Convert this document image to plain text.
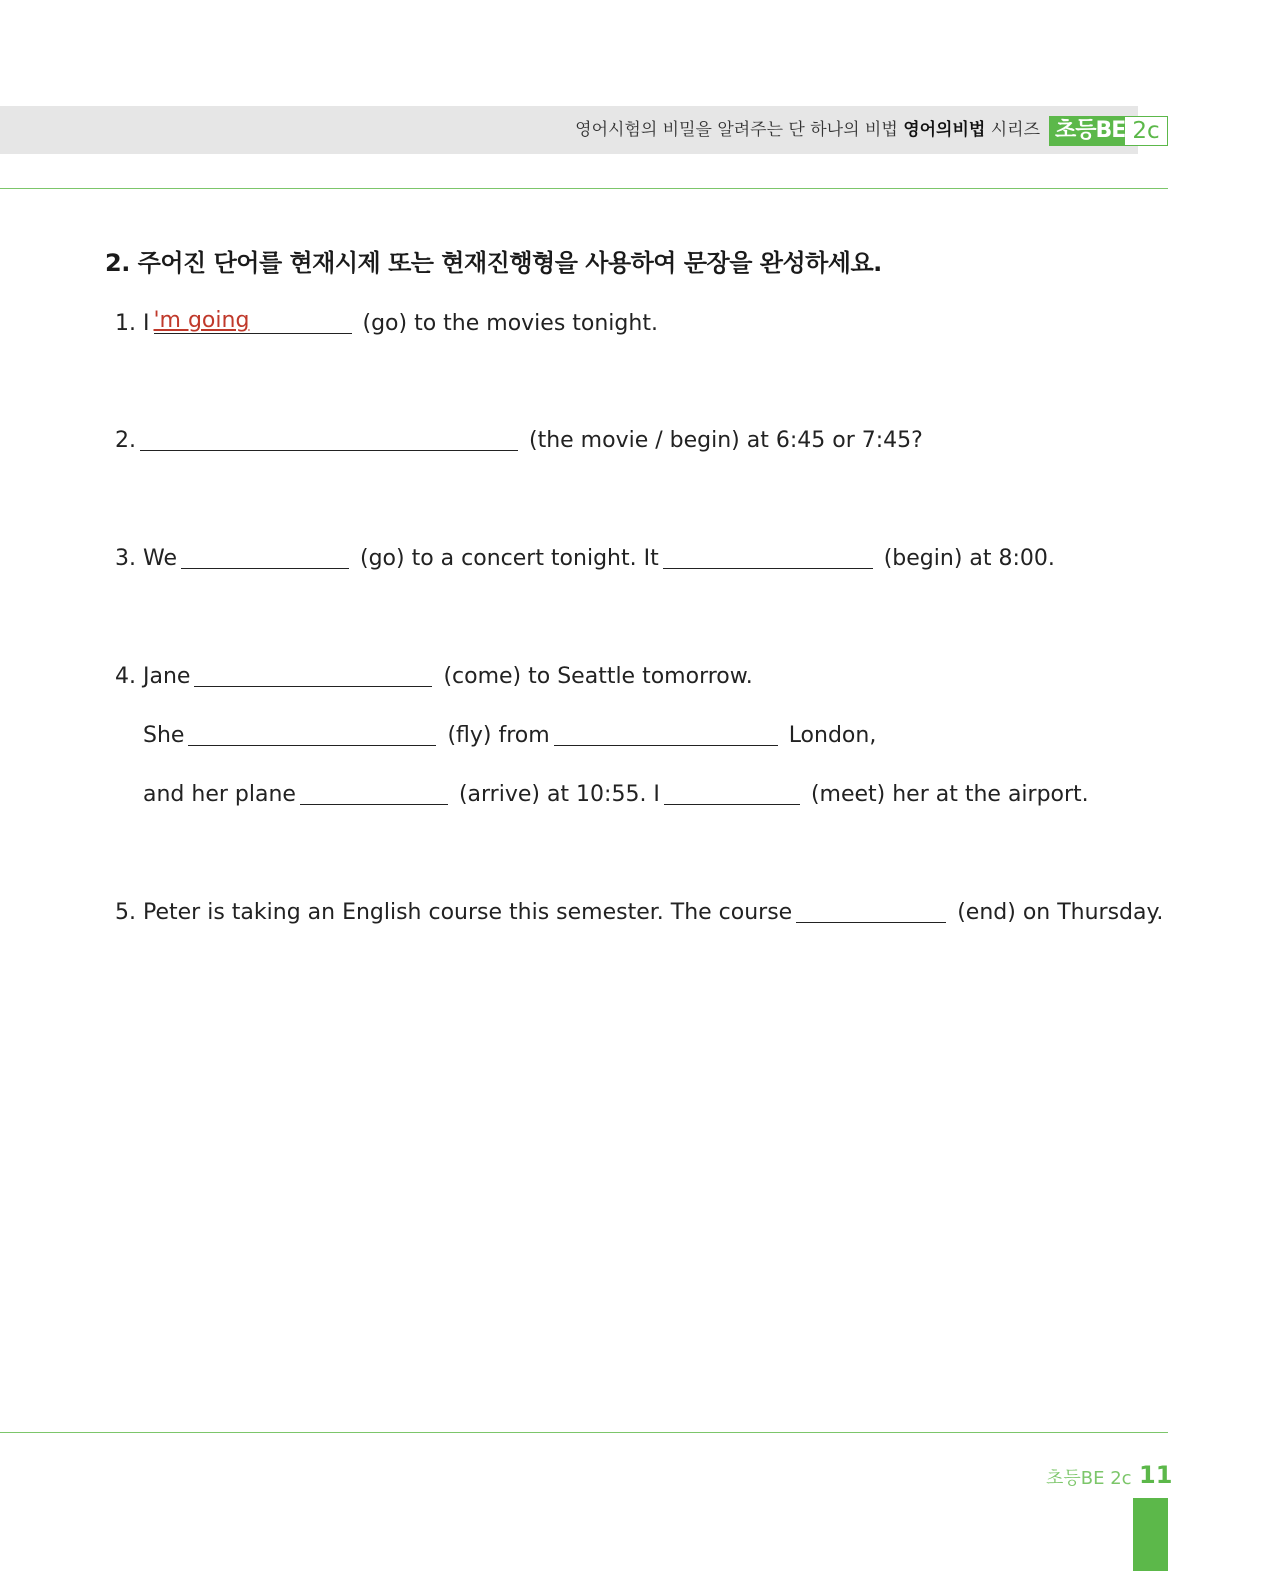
영어시험의 비밀을 알려주는 단 하나의 비법 영어의비법 시리즈 초등BE 2c
2. 주어진 단어를 현재시제 또는 현재진행형을 사용하여 문장을 완성하세요.
1. I 'm going	(go) to the movies tonight.
2.	(the movie / begin) at 6:45 or 7:45?
3. We	(go) to a concert tonight. It	(begin) at 8:00.
4. Jane	(come) to Seattle tomorrow.
She	(fly) from	London,
and her plane	(arrive) at 10:55. I	(meet) her at the airport.
5. Peter is taking an English course this semester. The course	(end) on Thursday.
초등BE 2c 11
